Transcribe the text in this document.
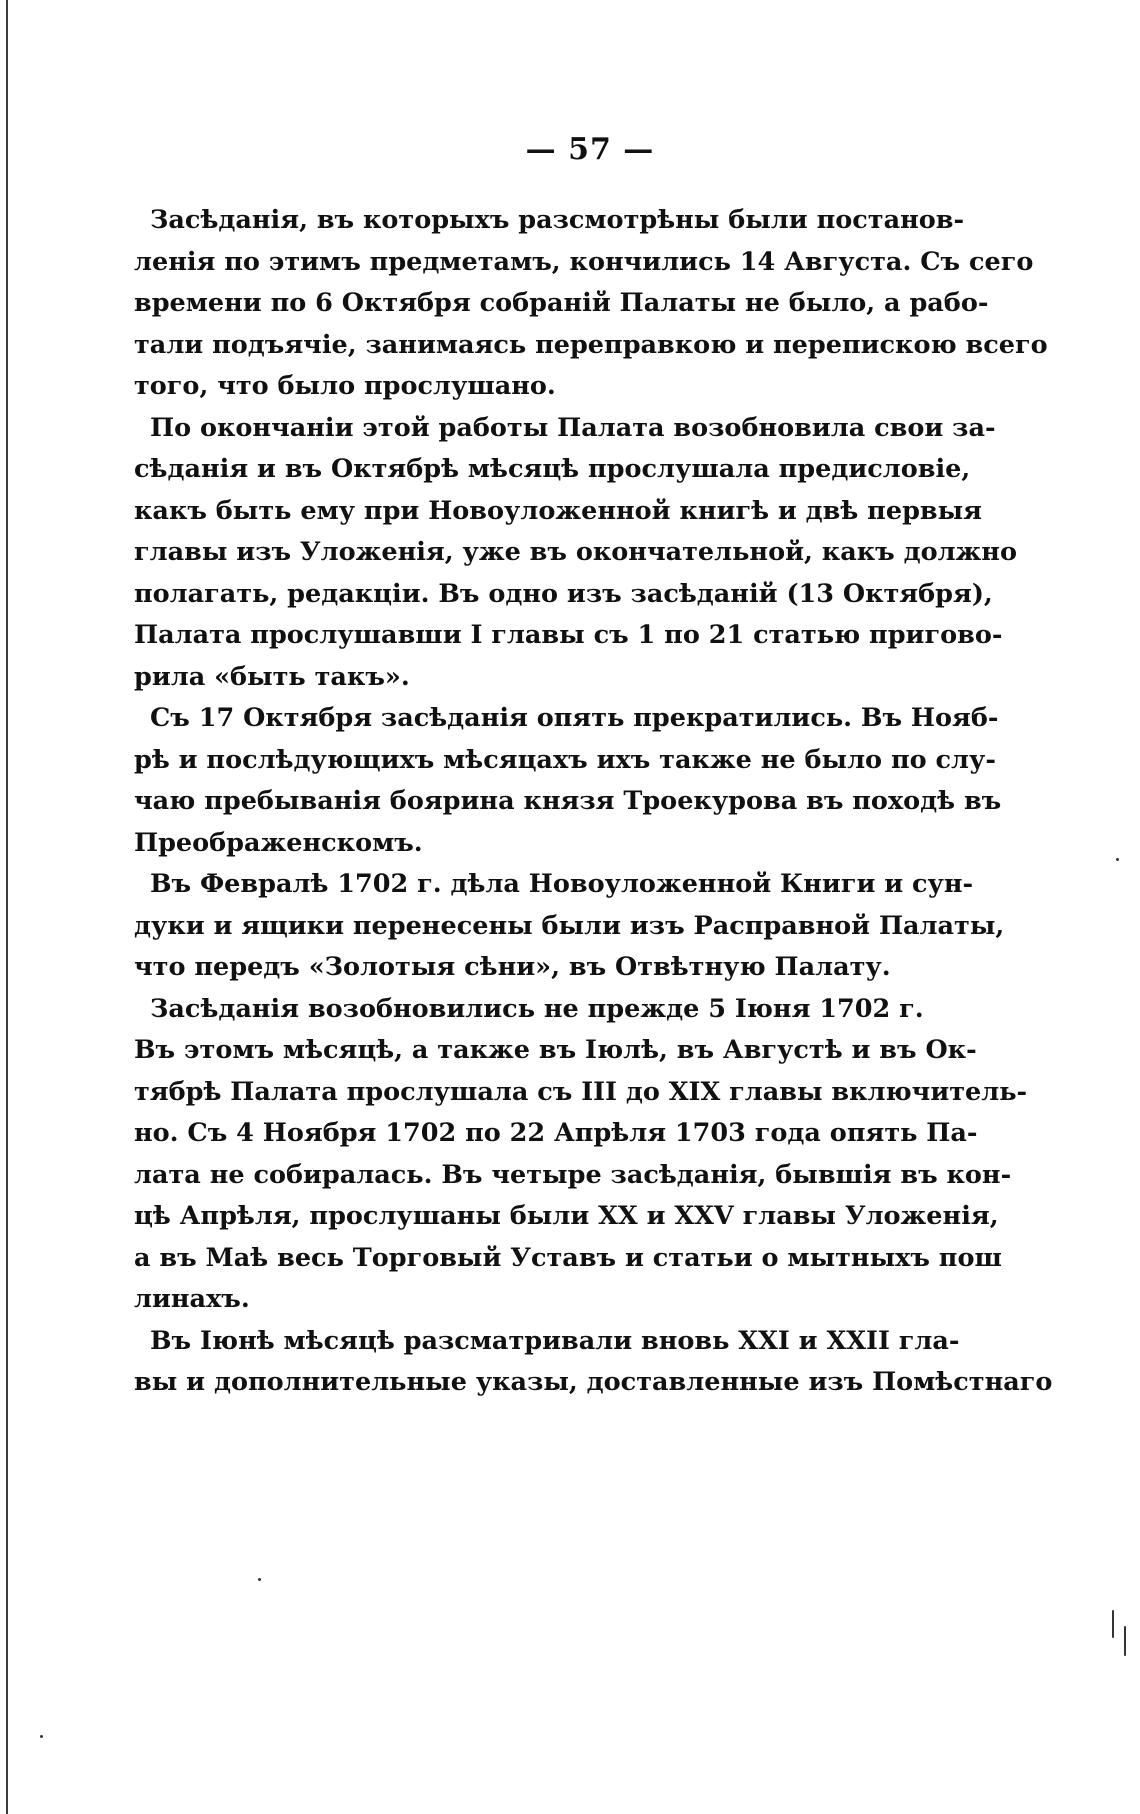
— 57 —
Засѣданія, въ которыхъ разсмотрѣны были постанов-
ленія по этимъ предметамъ, кончились 14 Августа. Съ сего
времени по 6 Октября собраній Палаты не было, а рабо-
тали подъячіе, занимаясь переправкою и перепискою всего
того, что было прослушано.
По окончаніи этой работы Палата возобновила свои за-
сѣданія и въ Октябрѣ мѣсяцѣ прослушала предисловіе,
какъ быть ему при Новоуложенной книгѣ и двѣ первыя
главы изъ Уложенія, уже въ окончательной, какъ должно
полагать, редакціи. Въ одно изъ засѣданій (13 Октября),
Палата прослушавши I главы съ 1 по 21 статью пригово-
рила «быть такъ».
Съ 17 Октября засѣданія опять прекратились. Въ Нояб-
рѣ и послѣдующихъ мѣсяцахъ ихъ также не было по слу-
чаю пребыванія боярина князя Троекурова въ походѣ въ
Преображенскомъ.
Въ Февралѣ 1702 г. дѣла Новоуложенной Книги и сун-
дуки и ящики перенесены были изъ Расправной Палаты,
что передъ «Золотыя сѣни», въ Отвѣтную Палату.
Засѣданія возобновились не прежде 5 Іюня 1702 г.
Въ этомъ мѣсяцѣ, а также въ Іюлѣ, въ Августѣ и въ Ок-
тябрѣ Палата прослушала съ III до XIX главы включитель-
но. Съ 4 Ноября 1702 по 22 Апрѣля 1703 года опять Па-
лата не собиралась. Въ четыре засѣданія, бывшія въ кон-
цѣ Апрѣля, прослушаны были XX и XXV главы Уложенія,
а въ Маѣ весь Торговый Уставъ и статьи о мытныхъ пош
линахъ.
Въ Іюнѣ мѣсяцѣ разсматривали вновь XXI и XXII гла-
вы и дополнительные указы, доставленные изъ Помѣстнаго
